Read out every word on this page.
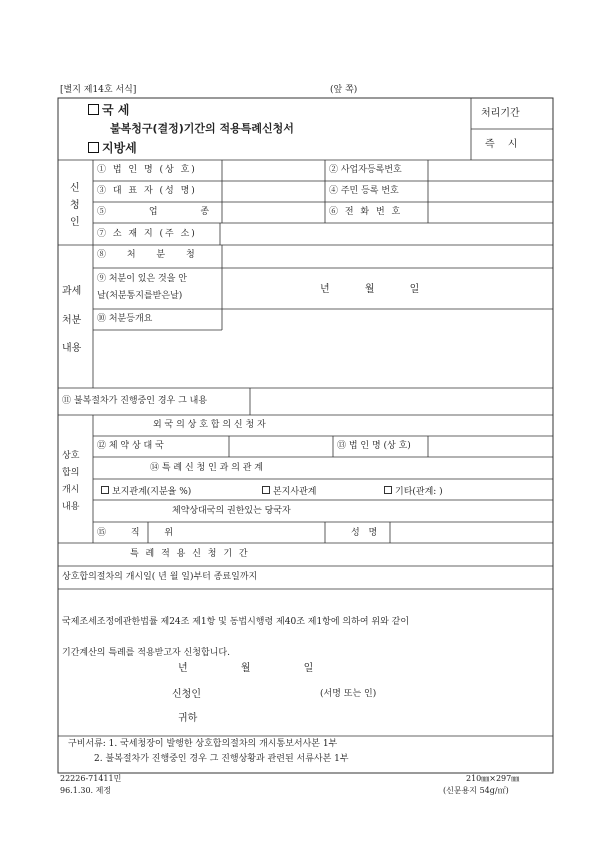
[별지 제14호 서식]	(앞 쪽)
국 세
불복청구(결정)기간의 적용특례신청서
지방세
처리기간
즉 시
신
청
인
① 법 인 명 (상 호)	② 사업자등록번호
③ 대 표 자 (성 명)	④ 주민 등록 번호
⑤ 업 종	⑥ 전 화 번 호
⑦ 소 재 지 (주 소)
과세
처분
내용
⑧ 처 분 청
⑨ 처분이 있은 것을 안
날(처분통지를받은날)
년 월 일
⑩ 처분등개요
⑪ 불복절차가 진행중인 경우 그 내용
상호
합의
개시
내용
외 국 의 상 호 합 의 신 청 자
⑫ 체 약 상 대 국	⑬ 법 인 명 (상 호)
⑭ 특 례 신 청 인 과 의 관 계
보지관계(지분율 %)	본지사관계	기타(관계: )
체약상대국의 권한있는 당국자
⑮ 직 위	성 명
특 례 적 용 신 청 기 간
상호합의절차의 개시일( 년 월 일)부터 종료일까지
국제조세조정에관한법률 제24조 제1항 및 동법시행령 제40조 제1항에 의하여 위와 같이
기간계산의 특례를 적용받고자 신청합니다.
년 월 일
신청인	(서명 또는 인)
귀하
구비서류: 1. 국세청장이 발행한 상호합의절차의 개시통보서사본 1부
2. 불복절차가 진행중인 경우 그 진행상황과 관련된 서류사본 1부
22226-71411민
96.1.30. 제정
210㎜×297㎜
(신문용지 54g/㎡)
